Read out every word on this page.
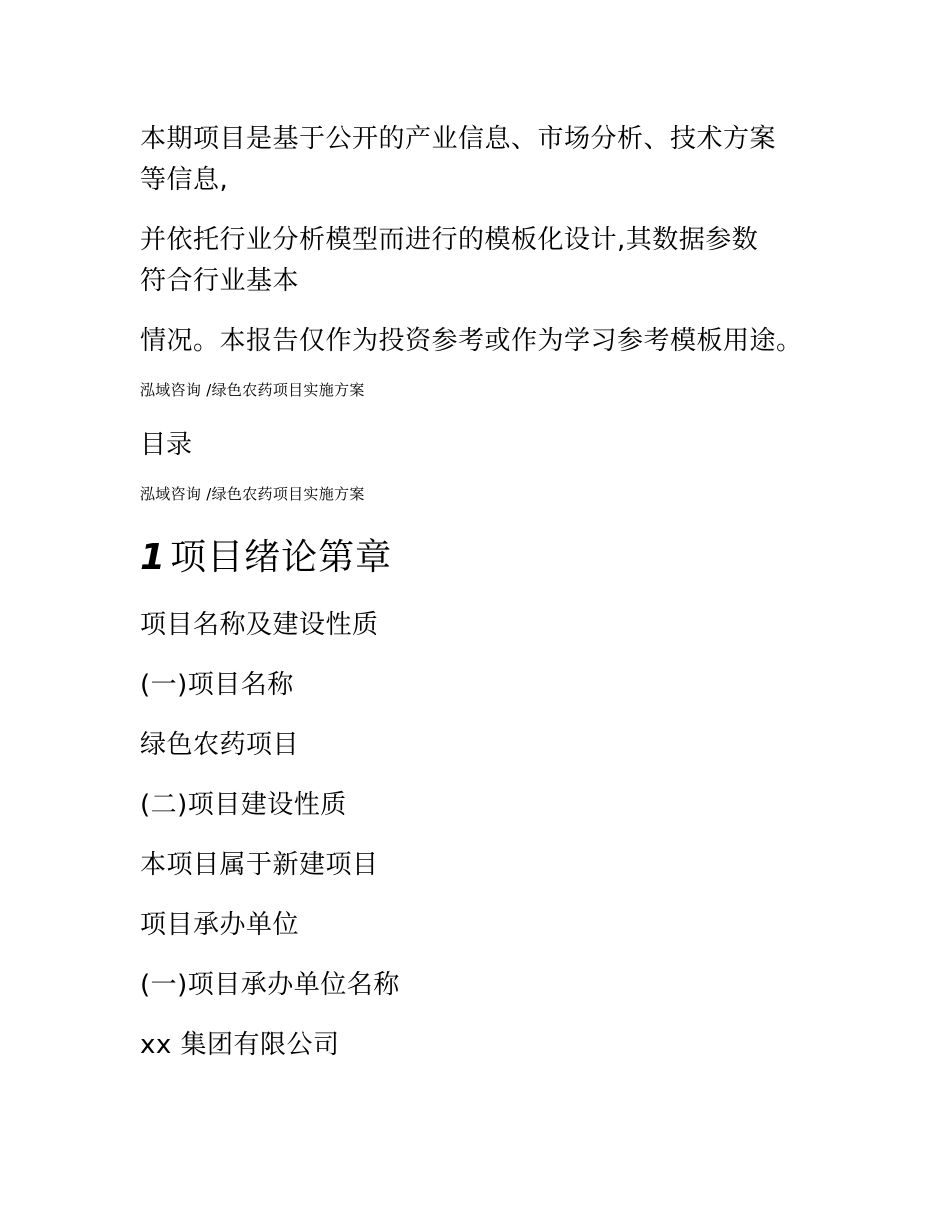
本期项目是基于公开的产业信息、市场分析、技术方案
等信息,
并依托行业分析模型而进行的模板化设计,其数据参数
符合行业基本
情况。本报告仅作为投资参考或作为学习参考模板用途。
泓域咨询 /绿色农药项目实施方案
目录
泓域咨询 /绿色农药项目实施方案
1 项目绪论第章
项目名称及建设性质
(一)项目名称
绿色农药项目
(二)项目建设性质
本项目属于新建项目
项目承办单位
(一)项目承办单位名称
xx 集团有限公司
